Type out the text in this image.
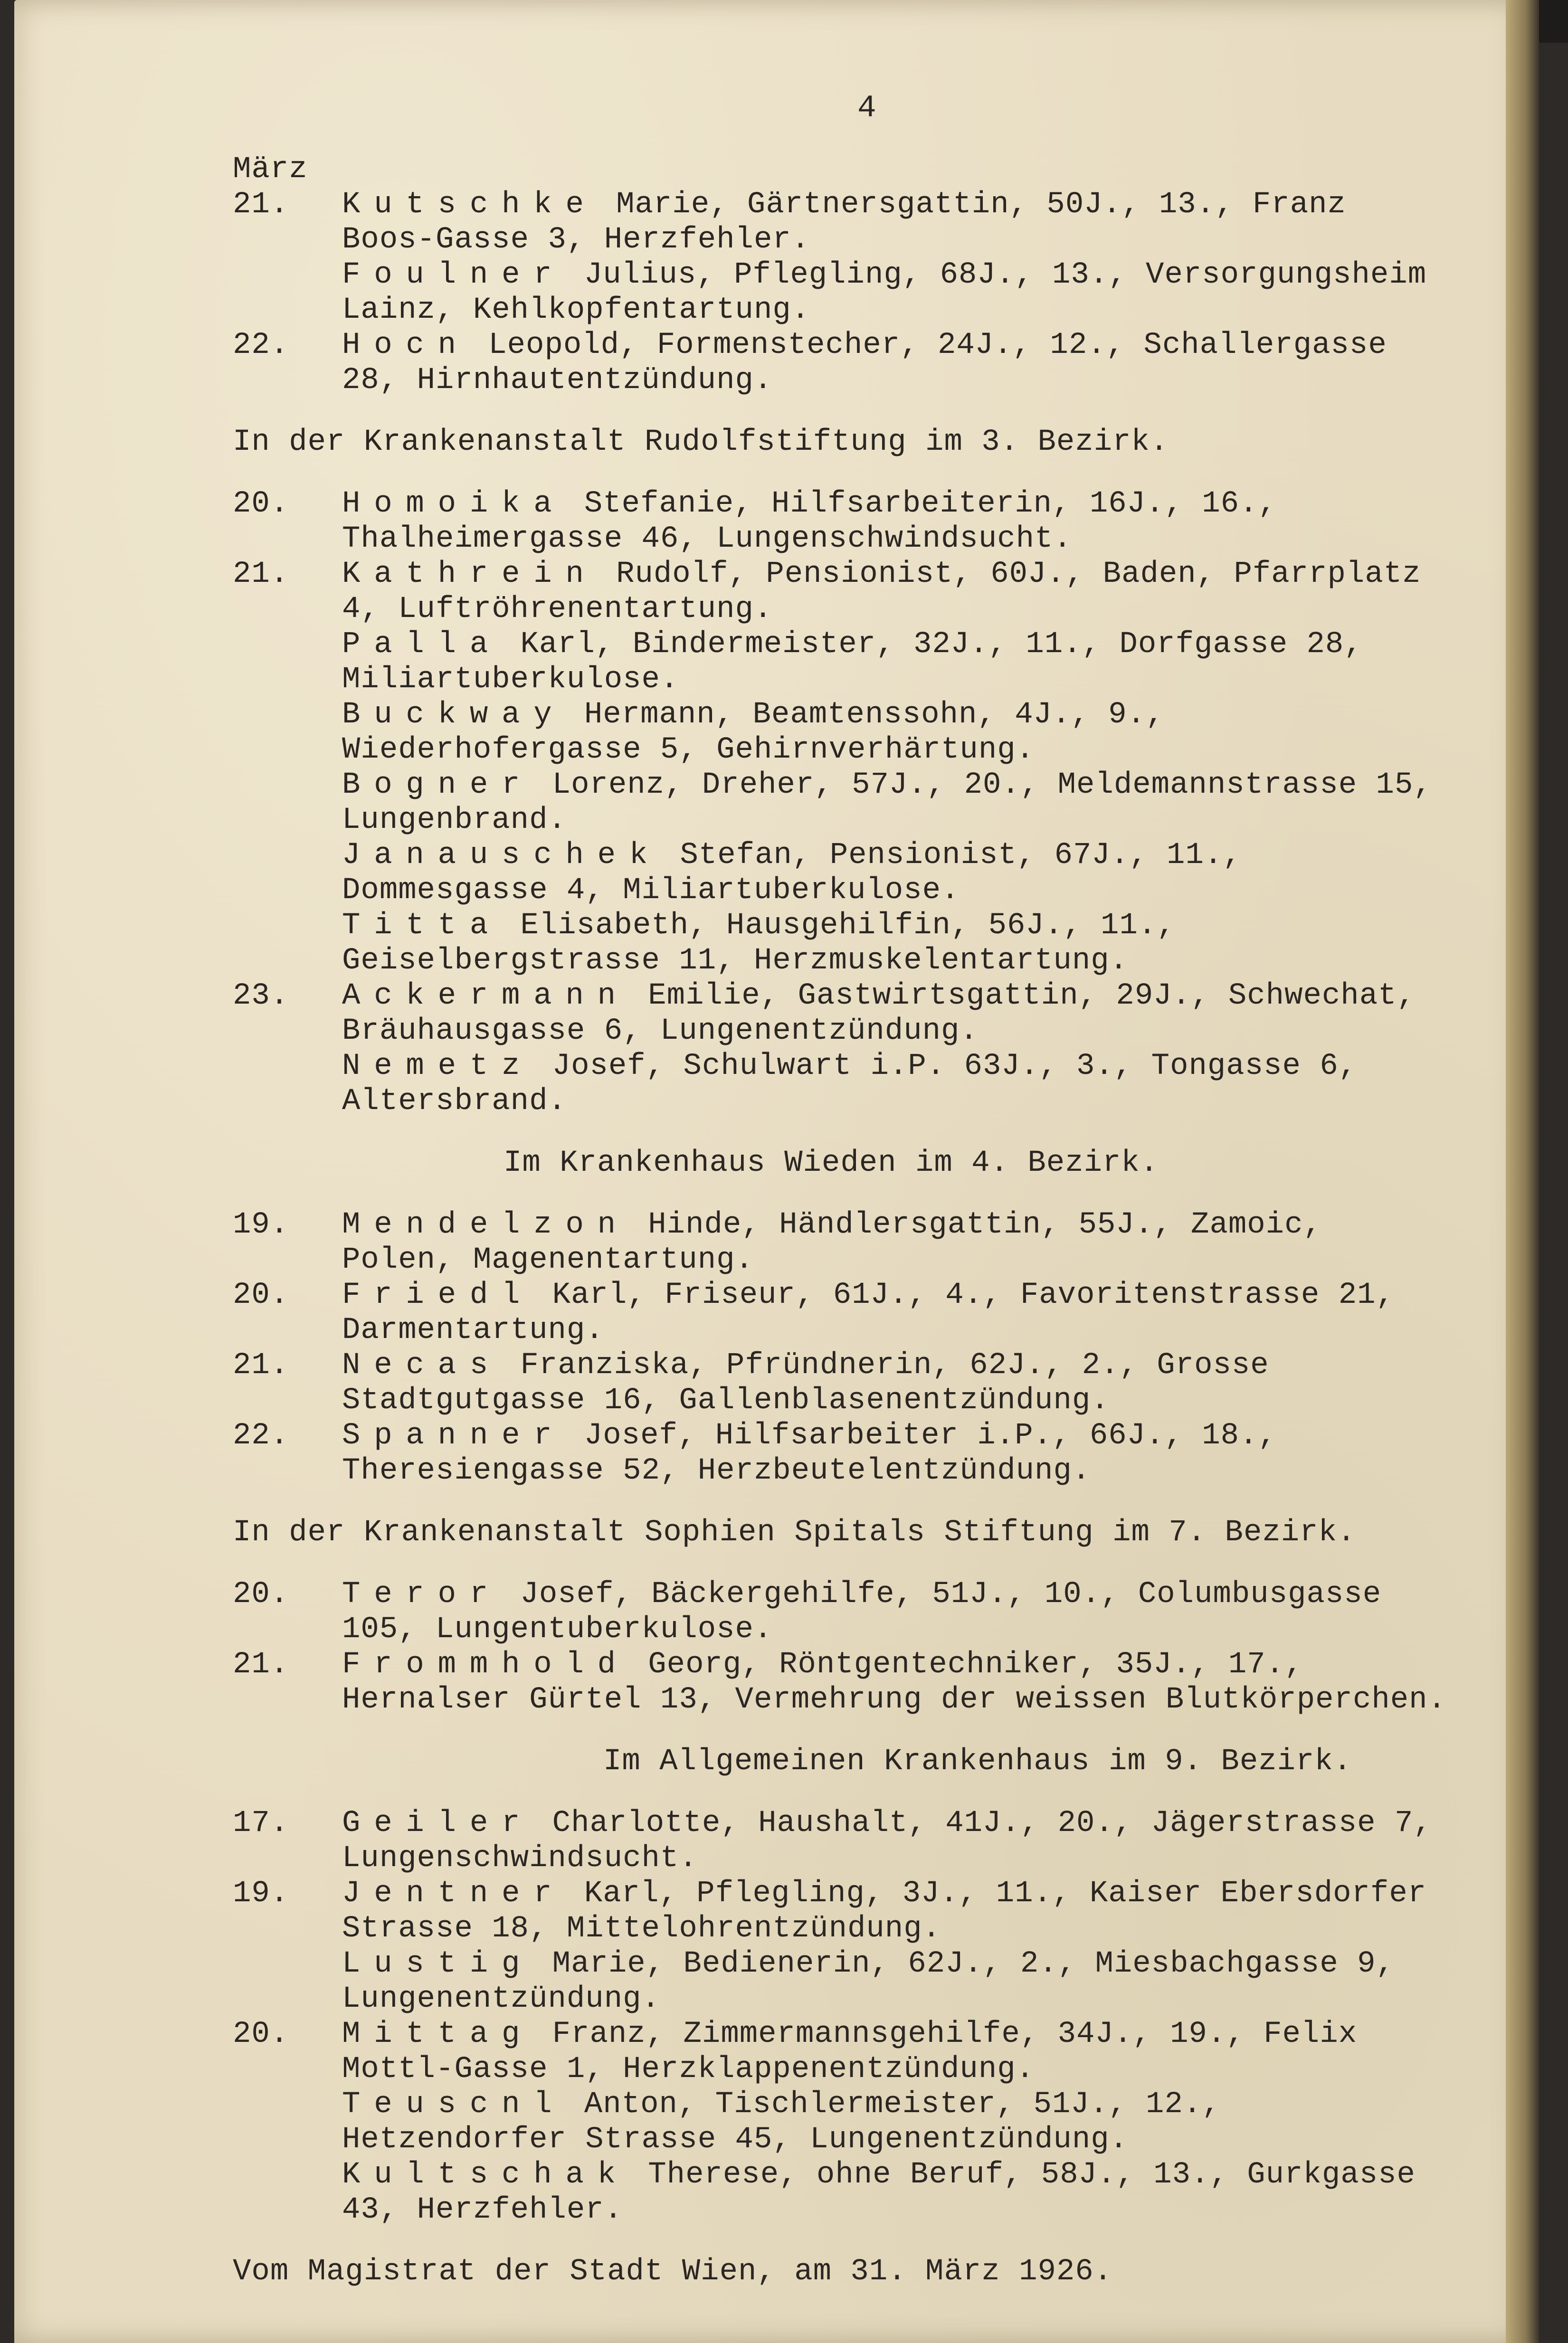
4
März
21. Kutschke Marie, Gärtnersgattin, 50J., 13., Franz Boos-Gasse 3, Herzfehler.
Foulner Julius, Pflegling, 68J., 13., Versorgungsheim Lainz, Kehlkopfentartung.
22. Hocn Leopold, Formenstecher, 24J., 12., Schallergasse 28, Hirnhautentzündung.
In der Krankenanstalt Rudolfstiftung im 3. Bezirk.
20. Homoika Stefanie, Hilfsarbeiterin, 16J., 16., Thalheimergasse 46, Lungenschwindsucht.
21. Kathrein Rudolf, Pensionist, 60J., Baden, Pfarrplatz 4, Luftröhrenentartung.
Palla Karl, Bindermeister, 32J., 11., Dorfgasse 28, Miliartuberkulose.
Buckway Hermann, Beamtenssohn, 4J., 9., Wiederhofergasse 5, Gehirnverhärtung.
Bogner Lorenz, Dreher, 57J., 20., Meldemannstrasse 15, Lungenbrand.
Janauschek Stefan, Pensionist, 67J., 11., Dommesgasse 4, Miliartuberkulose.
Titta Elisabeth, Hausgehilfin, 56J., 11., Geiselbergstrasse 11, Herzmuskelentartung.
23. Ackermann Emilie, Gastwirtsgattin, 29J., Schwechat, Bräuhausgasse 6, Lungenentzündung.
Nemetz Josef, Schulwart i.P. 63J., 3., Tongasse 6, Altersbrand.
Im Krankenhaus Wieden im 4. Bezirk.
19. Mendelzon Hinde, Händlersgattin, 55J., Zamoic, Polen, Magenentartung.
20. Friedl Karl, Friseur, 61J., 4., Favoritenstrasse 21, Darmentartung.
21. Necas Franziska, Pfründnerin, 62J., 2., Grosse Stadtgutgasse 16, Gallenblasenentzündung.
22. Spanner Josef, Hilfsarbeiter i.P., 66J., 18., Theresiengasse 52, Herzbeutelentzündung.
In der Krankenanstalt Sophien Spitals Stiftung im 7. Bezirk.
20. Teror Josef, Bäckergehilfe, 51J., 10., Columbusgasse 105, Lungentuberkulose.
21. Frommhold Georg, Röntgentechniker, 35J., 17., Hernalser Gürtel 13, Vermehrung der weissen Blutkörperchen.
Im Allgemeinen Krankenhaus im 9. Bezirk.
17. Geiler Charlotte, Haushalt, 41J., 20., Jägerstrasse 7, Lungenschwindsucht.
19. Jentner Karl, Pflegling, 3J., 11., Kaiser Ebersdorfer Strasse 18, Mittelohrentzündung.
Lustig Marie, Bedienerin, 62J., 2., Miesbachgasse 9, Lungenentzündung.
20. Mittag Franz, Zimmermannsgehilfe, 34J., 19., Felix Mottl-Gasse 1, Herzklappenentzündung.
Teuscnl Anton, Tischlermeister, 51J., 12., Hetzendorfer Strasse 45, Lungenentzündung.
Kultschak Therese, ohne Beruf, 58J., 13., Gurkgasse 43, Herzfehler.
Vom Magistrat der Stadt Wien, am 31. März 1926.
